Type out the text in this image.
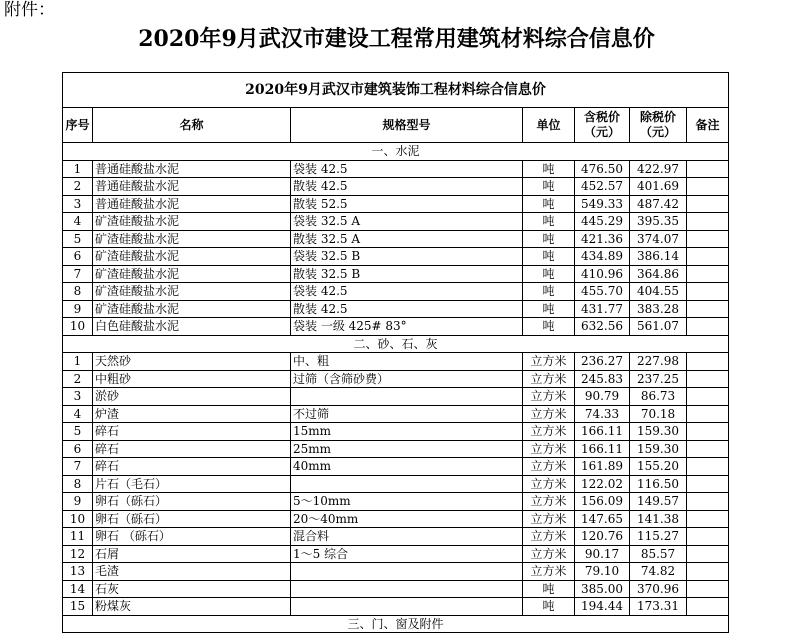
附件：
2020年9月武汉市建设工程常用建筑材料综合信息价
2020年9月武汉市建筑装饰工程材料综合信息价						
序号	名称	规格型号	单位	含税价（元）	除税价（元）	备注
一、水泥						
1	普通硅酸盐水泥	袋装 42.5	吨	476.50	422.97	
2	普通硅酸盐水泥	散装 42.5	吨	452.57	401.69	
3	普通硅酸盐水泥	散装 52.5	吨	549.33	487.42	
4	矿渣硅酸盐水泥	袋装 32.5 A	吨	445.29	395.35	
5	矿渣硅酸盐水泥	散装 32.5 A	吨	421.36	374.07	
6	矿渣硅酸盐水泥	袋装 32.5 B	吨	434.89	386.14	
7	矿渣硅酸盐水泥	散装 32.5 B	吨	410.96	364.86	
8	矿渣硅酸盐水泥	袋装 42.5	吨	455.70	404.55	
9	矿渣硅酸盐水泥	散装 42.5	吨	431.77	383.28	
10	白色硅酸盐水泥	袋装 一级 425# 83°	吨	632.56	561.07	
二、砂、石、灰						
1	天然砂	中、粗	立方米	236.27	227.98	
2	中粗砂	过筛（含筛砂费）	立方米	245.83	237.25	
3	淤砂		立方米	90.79	86.73	
4	炉渣	不过筛	立方米	74.33	70.18	
5	碎石	15mm	立方米	166.11	159.30	
6	碎石	25mm	立方米	166.11	159.30	
7	碎石	40mm	立方米	161.89	155.20	
8	片石（毛石）		立方米	122.02	116.50	
9	卵石（砾石）	5～10mm	立方米	156.09	149.57	
10	卵石（砾石）	20～40mm	立方米	147.65	141.38	
11	卵石 （砾石）	混合料	立方米	120.76	115.27	
12	石屑	1～5 综合	立方米	90.17	85.57	
13	毛渣		立方米	79.10	74.82	
14	石灰		吨	385.00	370.96	
15	粉煤灰		吨	194.44	173.31	
三、门、窗及附件						
